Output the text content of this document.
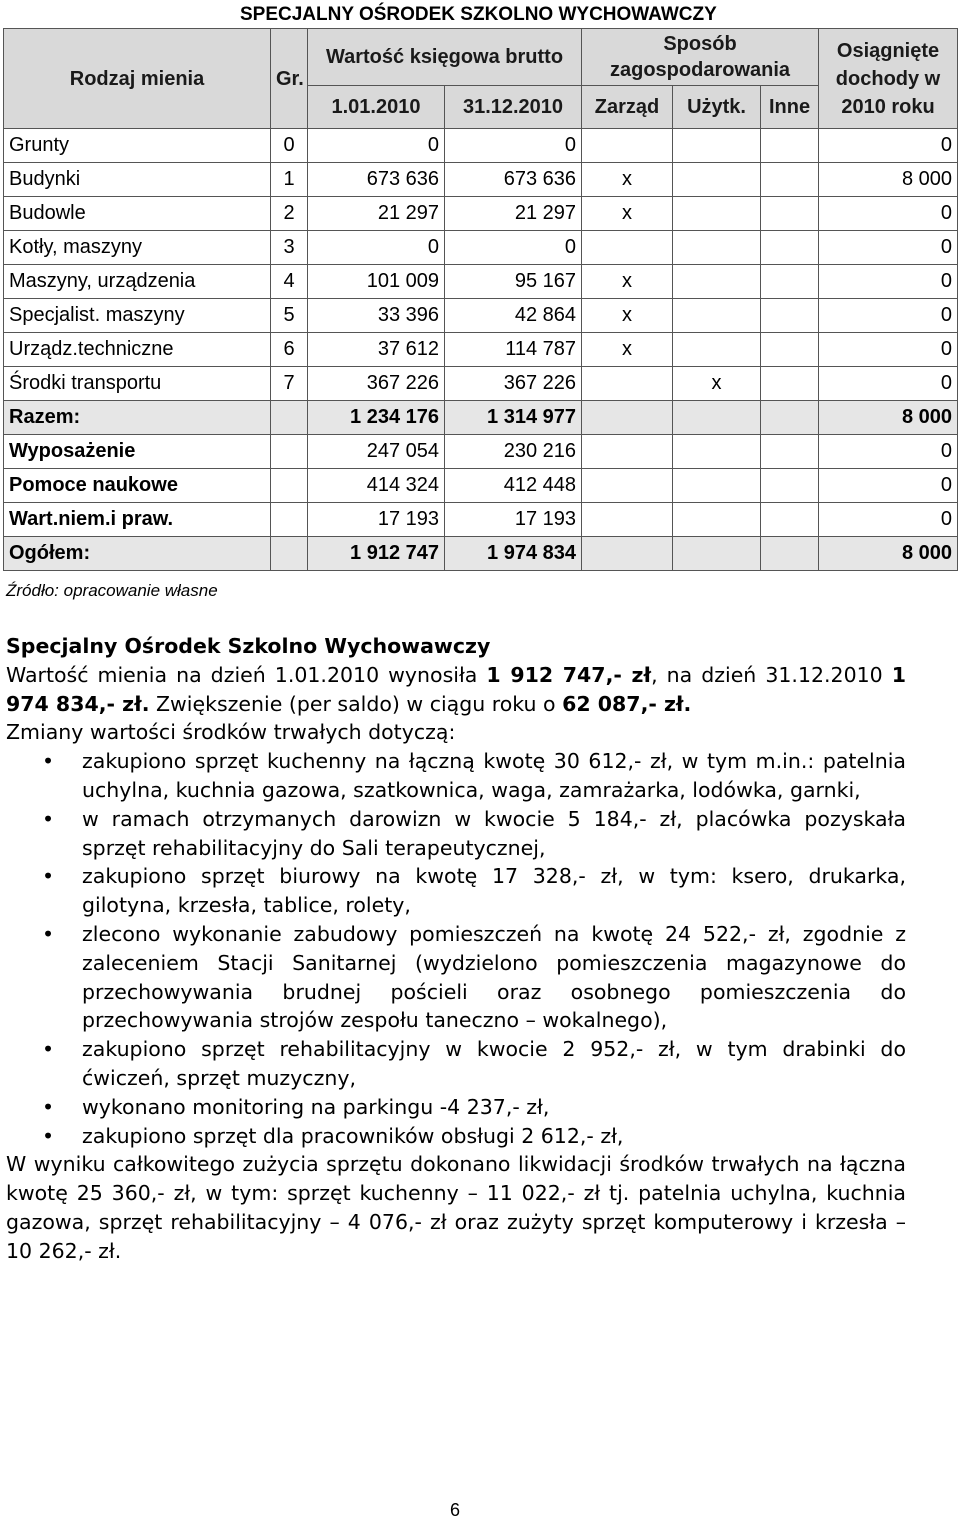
SPECJALNY OŚRODEK SZKOLNO WYCHOWAWCZY
Rodzaj mienia	Gr.	Wartość księgowa brutto		Sposób zagospodarowania			Osiągnięte dochody w 2010 roku
		1.01.2010	31.12.2010	Zarząd	Użytk.	Inne	
Grunty	0	0	0				0
Budynki	1	673 636	673 636	x			8 000
Budowle	2	21 297	21 297	x			0
Kotły, maszyny	3	0	0				0
Maszyny, urządzenia	4	101 009	95 167	x			0
Specjalist. maszyny	5	33 396	42 864	x			0
Urządz.techniczne	6	37 612	114 787	x			0
Środki transportu	7	367 226	367 226		x		0
Razem:		1 234 176	1 314 977				8 000
Wyposażenie		247 054	230 216				0
Pomoce naukowe		414 324	412 448				0
Wart.niem.i praw.		17 193	17 193				0
Ogółem:		1 912 747	1 974 834				8 000
Źródło: opracowanie własne

Specjalny Ośrodek Szkolno Wychowawczy

Wartość mienia na dzień 1.01.2010 wynosiła 1 912 747,- zł, na dzień 31.12.2010 1 974 834,- zł. Zwiększenie (per saldo) w ciągu roku o 62 087,- zł.

Zmiany wartości środków trwałych dotyczą:

• zakupiono sprzęt kuchenny na łączną kwotę 30 612,- zł, w tym m.in.: patelnia uchylna, kuchnia gazowa, szatkownica, waga, zamrażarka, lodówka, garnki,
• w ramach otrzymanych darowizn w kwocie 5 184,- zł, placówka pozyskała sprzęt rehabilitacyjny do Sali terapeutycznej,
• zakupiono sprzęt biurowy na kwotę 17 328,- zł, w tym: ksero, drukarka, gilotyna, krzesła, tablice, rolety,
• zlecono wykonanie zabudowy pomieszczeń na kwotę 24 522,- zł, zgodnie z zaleceniem Stacji Sanitarnej (wydzielono pomieszczenia magazynowe do przechowywania brudnej pościeli oraz osobnego pomieszczenia do przechowywania strojów zespołu taneczno – wokalnego),
• zakupiono sprzęt rehabilitacyjny w kwocie 2 952,- zł, w tym drabinki do ćwiczeń, sprzęt muzyczny,
• wykonano monitoring na parkingu -4 237,- zł,
• zakupiono sprzęt dla pracowników obsługi 2 612,- zł,

W wyniku całkowitego zużycia sprzętu dokonano likwidacji środków trwałych na łączna kwotę 25 360,- zł, w tym: sprzęt kuchenny – 11 022,- zł tj. patelnia uchylna, kuchnia gazowa, sprzęt rehabilitacyjny – 4 076,- zł oraz zużyty sprzęt komputerowy i krzesła – 10 262,- zł.

6
